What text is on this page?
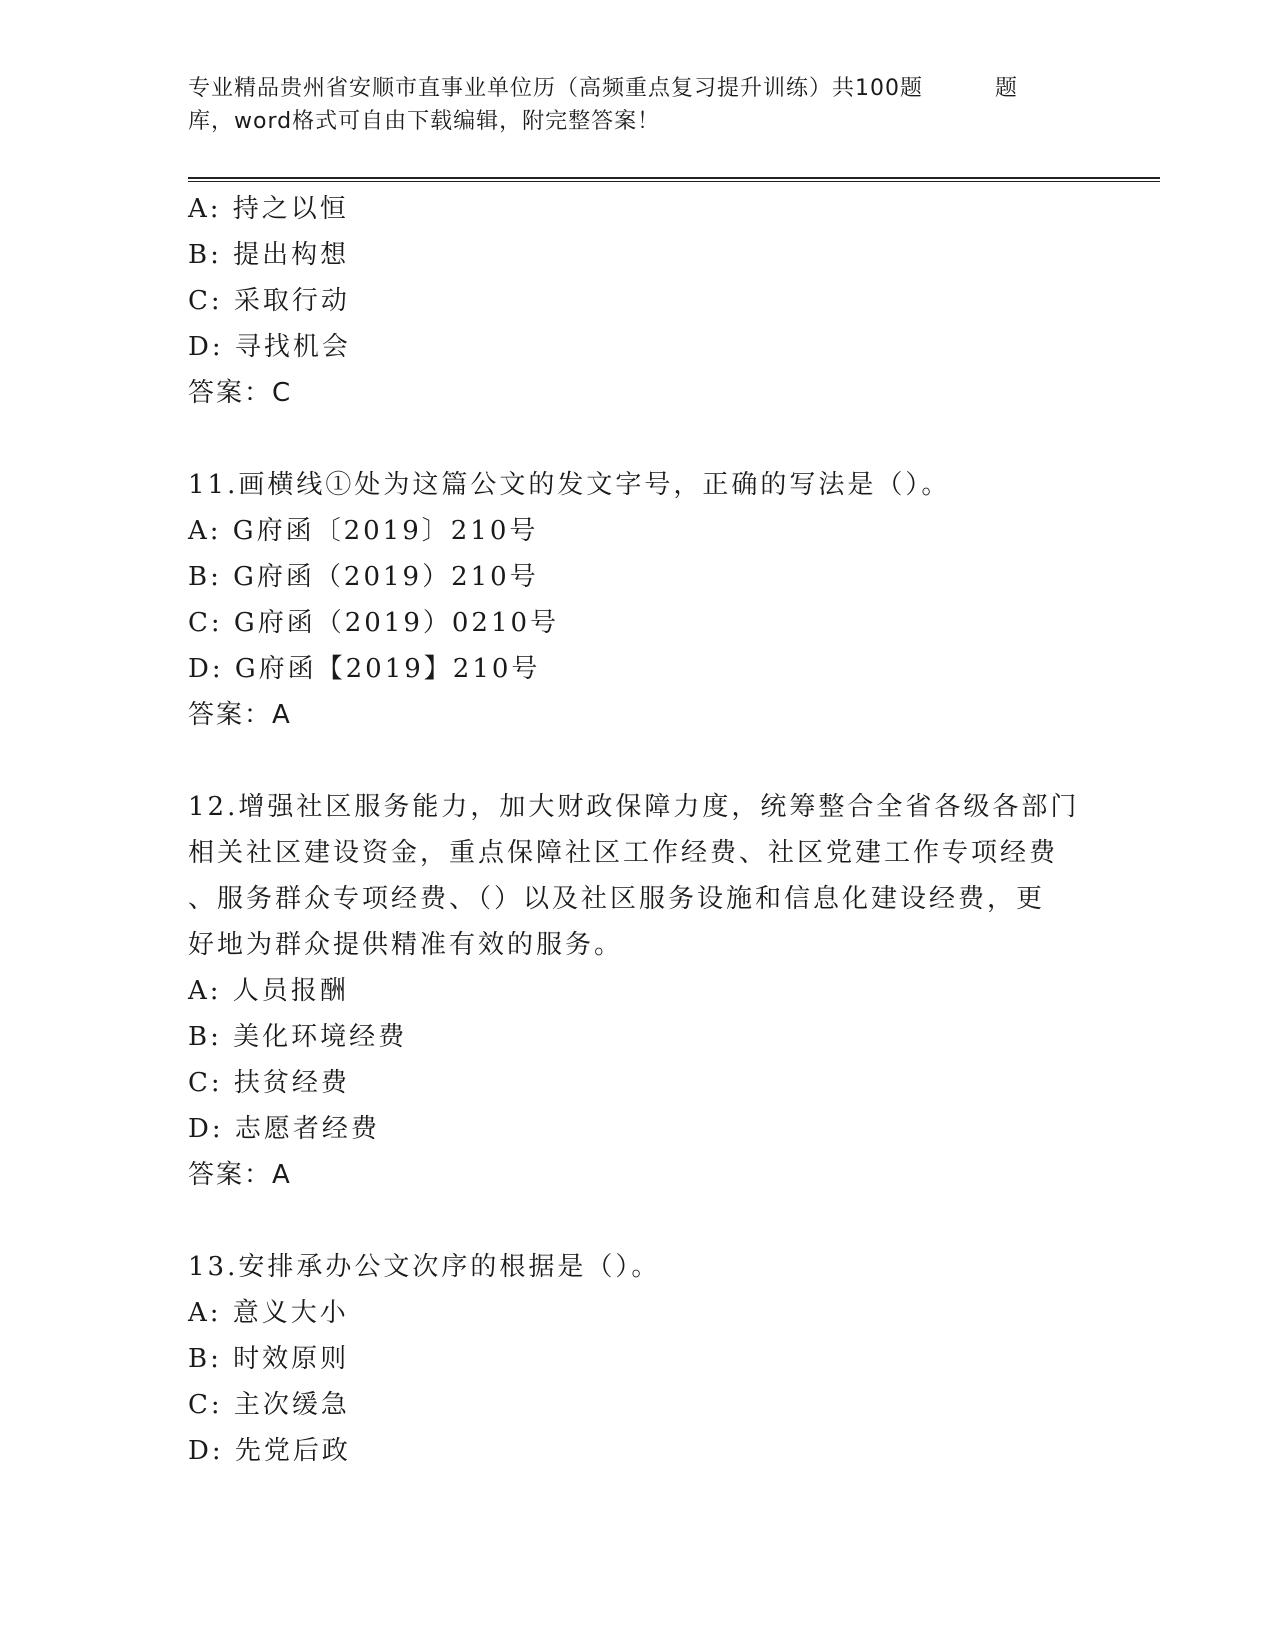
专业精品贵州省安顺市直事业单位历（高频重点复习提升训练）共100题	题
库，word格式可自由下载编辑，附完整答案！
A: 持之以恒
B: 提出构想
C: 采取行动
D: 寻找机会
答案：C
11.画横线①处为这篇公文的发文字号，正确的写法是（）。
A: G府函〔2019〕210号
B: G府函（2019）210号
C: G府函（2019）0210号
D: G府函【2019】210号
答案：A
12.增强社区服务能力，加大财政保障力度，统筹整合全省各级各部门
相关社区建设资金，重点保障社区工作经费、社区党建工作专项经费
、服务群众专项经费、（）以及社区服务设施和信息化建设经费，更
好地为群众提供精准有效的服务。
A: 人员报酬
B: 美化环境经费
C: 扶贫经费
D: 志愿者经费
答案：A
13.安排承办公文次序的根据是（）。
A: 意义大小
B: 时效原则
C: 主次缓急
D: 先党后政
